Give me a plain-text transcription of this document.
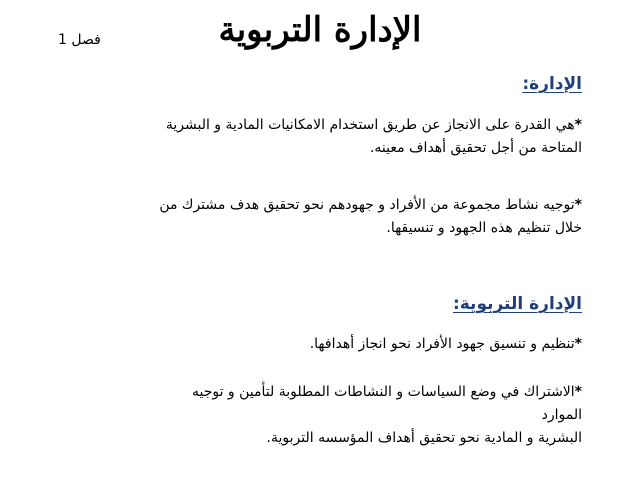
الإدارة التربوية
فصل 1
الإدارة:
*هي القدرة على الانجاز عن طريق استخدام الامكانيات المادية و البشرية
المتاحة من أجل تحقيق أهداف معينه.
*توجيه نشاط مجموعة من الأفراد و جهودهم نحو تحقيق هدف مشترك من
خلال تنظيم هذه الجهود و تنسيقها.
الإدارة التربوية:
*تنظيم و تنسيق جهود الأفراد نحو انجاز أهدافها.
*الاشتراك في وضع السياسات و النشاطات المطلوبة لتأمين و توجيه
الموارد
البشرية و المادية نحو تحقيق أهداف المؤسسه التربوية.
